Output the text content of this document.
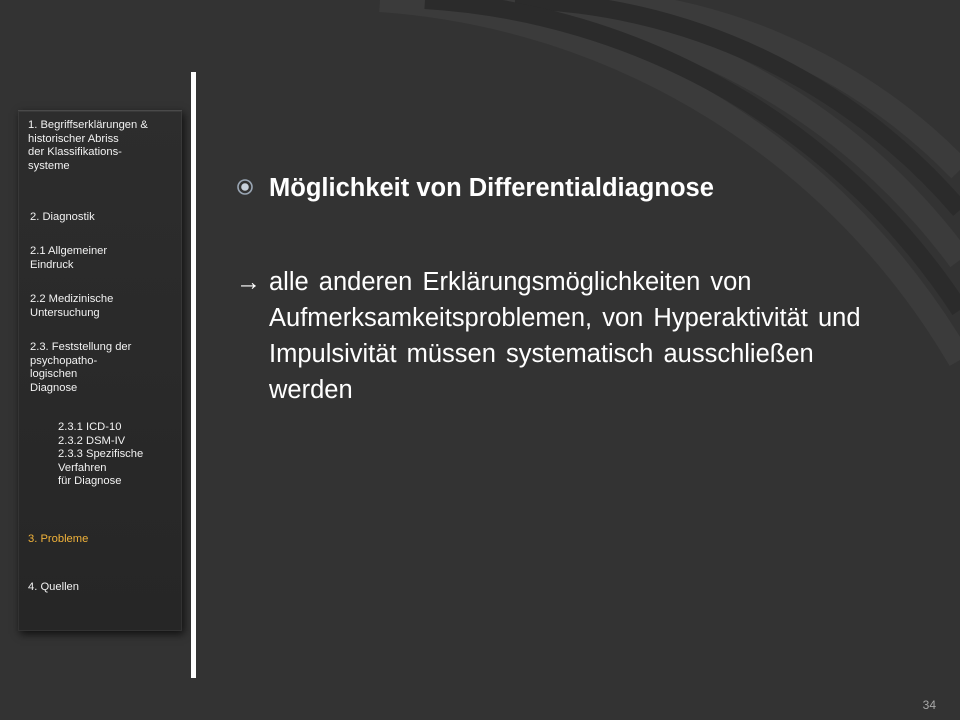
1. Begriffserklärungen &
historischer Abriss
der Klassifikations-
systeme

2. Diagnostik

2.1 Allgemeiner
Eindruck

2.2 Medizinische
Untersuchung

2.3. Feststellung der
psychopatho-
logischen
Diagnose

2.3.1 ICD-10
2.3.2 DSM-IV
2.3.3 Spezifische
Verfahren
für Diagnose

3. Probleme

4. Quellen

Möglichkeit von Differentialdiagnose
→ alle anderen Erklärungsmöglichkeiten von Aufmerksamkeitsproblemen, von Hyperaktivität und Impulsivität müssen systematisch ausschließen werden

34
